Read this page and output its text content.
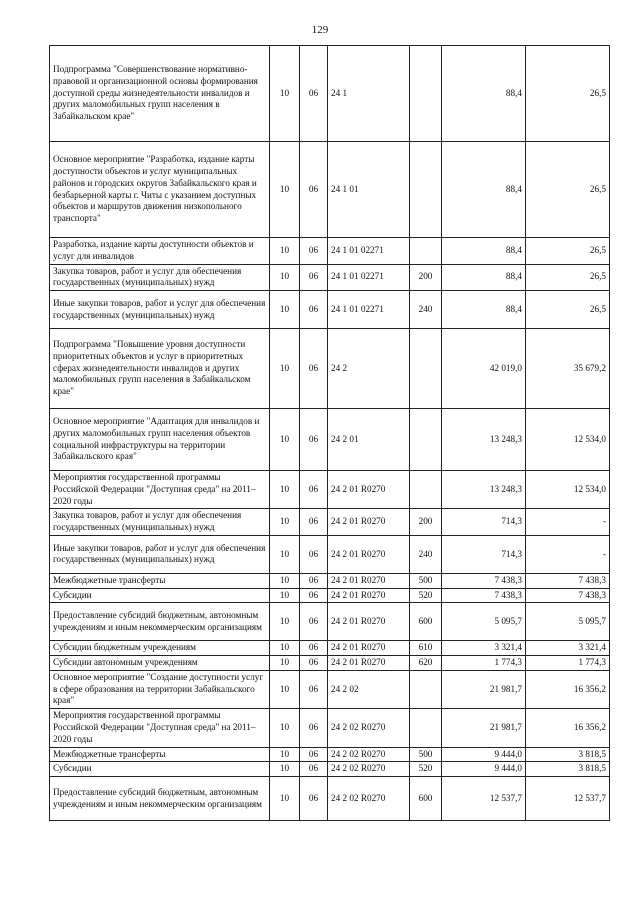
129
Подпрограмма "Совершенствование нормативно-правовой и организационной основы формирования доступной среды жизнедеятельности инвалидов и других маломобильных групп населения в Забайкальском крае"	10	06	24 1		88,4	26,5
Основное мероприятие "Разработка, издание карты доступности объектов и услуг муниципальных районов и городских округов Забайкальского края и безбарьерной карты г. Читы с указанием доступных объектов и маршрутов движения низкопольного транспорта"	10	06	24 1 01		88,4	26,5
Разработка, издание карты доступности объектов и услуг для инвалидов	10	06	24 1 01 02271		88,4	26,5
Закупка товаров, работ и услуг для обеспечения государственных (муниципальных) нужд	10	06	24 1 01 02271	200	88,4	26,5
Иные закупки товаров, работ и услуг для обеспечения государственных (муниципальных) нужд	10	06	24 1 01 02271	240	88,4	26,5
Подпрограмма "Повышение уровня доступности приоритетных объектов и услуг в приоритетных сферах жизнедеятельности инвалидов и других маломобильных групп населения в Забайкальском крае"	10	06	24 2		42 019,0	35 679,2
Основное мероприятие "Адаптация для инвалидов и других маломобильных групп населения объектов социальной инфраструктуры на территории Забайкальского края"	10	06	24 2 01		13 248,3	12 534,0
Мероприятия государственной программы Российской Федерации "Доступная среда" на 2011–2020 годы	10	06	24 2 01 R0270		13 248,3	12 534,0
Закупка товаров, работ и услуг для обеспечения государственных (муниципальных) нужд	10	06	24 2 01 R0270	200	714,3	-
Иные закупки товаров, работ и услуг для обеспечения государственных (муниципальных) нужд	10	06	24 2 01 R0270	240	714,3	-
Межбюджетные трансферты	10	06	24 2 01 R0270	500	7 438,3	7 438,3
Субсидии	10	06	24 2 01 R0270	520	7 438,3	7 438,3
Предоставление субсидий бюджетным, автономным учреждениям и иным некоммерческим организациям	10	06	24 2 01 R0270	600	5 095,7	5 095,7
Субсидии бюджетным учреждениям	10	06	24 2 01 R0270	610	3 321,4	3 321,4
Субсидии автономным учреждениям	10	06	24 2 01 R0270	620	1 774,3	1 774,3
Основное мероприятие "Создание доступности услуг в сфере образования на территории Забайкальского края"	10	06	24 2 02		21 981,7	16 356,2
Мероприятия государственной программы Российской Федерации "Доступная среда" на 2011–2020 годы	10	06	24 2 02 R0270		21 981,7	16 356,2
Межбюджетные трансферты	10	06	24 2 02 R0270	500	9 444,0	3 818,5
Субсидии	10	06	24 2 02 R0270	520	9 444,0	3 818,5
Предоставление субсидий бюджетным, автономным учреждениям и иным некоммерческим организациям	10	06	24 2 02 R0270	600	12 537,7	12 537,7
